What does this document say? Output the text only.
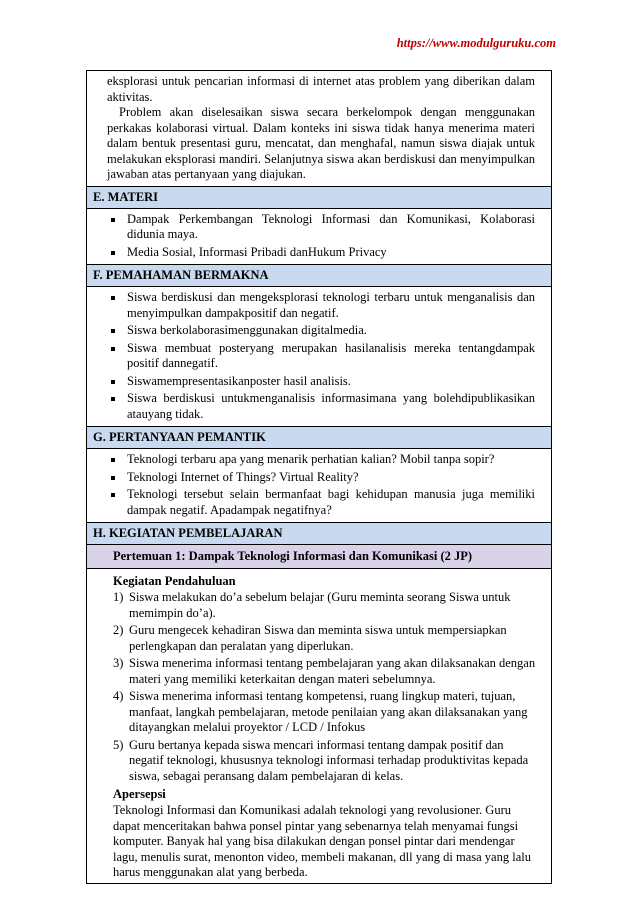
https://www.modulguruku.com

eksplorasi untuk pencarian informasi di internet atas problem yang diberikan dalam aktivitas.

Problem akan diselesaikan siswa secara berkelompok dengan menggunakan perkakas kolaborasi virtual. Dalam konteks ini siswa tidak hanya menerima materi dalam bentuk presentasi guru, mencatat, dan menghafal, namun siswa diajak untuk melakukan eksplorasi mandiri. Selanjutnya siswa akan berdiskusi dan menyimpulkan jawaban atas pertanyaan yang diajukan.

E. MATERI
Dampak Perkembangan Teknologi Informasi dan Komunikasi, Kolaborasi didunia maya.
Media Sosial, Informasi Pribadi danHukum Privacy
F. PEMAHAMAN BERMAKNA
Siswa berdiskusi dan mengeksplorasi teknologi terbaru untuk menganalisis dan menyimpulkan dampakpositif dan negatif.
Siswa berkolaborasimenggunakan digitalmedia.
Siswa membuat posteryang merupakan hasilanalisis mereka tentangdampak positif dannegatif.
Siswamempresentasikanposter hasil analisis.
Siswa berdiskusi untukmenganalisis informasimana yang bolehdipublikasikan atauyang tidak.
G. PERTANYAAN PEMANTIK
Teknologi terbaru apa yang menarik perhatian kalian? Mobil tanpa sopir?
Teknologi Internet of Things? Virtual Reality?
Teknologi tersebut selain bermanfaat bagi kehidupan manusia juga memiliki dampak negatif. Apadampak negatifnya?
H. KEGIATAN PEMBELAJARAN
Pertemuan 1: Dampak Teknologi Informasi dan Komunikasi (2 JP)
Kegiatan Pendahuluan
1) Siswa melakukan do’a sebelum belajar (Guru meminta seorang Siswa untuk memimpin do’a).
2) Guru mengecek kehadiran Siswa dan meminta siswa untuk mempersiapkan perlengkapan dan peralatan yang diperlukan.
3) Siswa menerima informasi tentang pembelajaran yang akan dilaksanakan dengan materi yang memiliki keterkaitan dengan materi sebelumnya.
4) Siswa menerima informasi tentang kompetensi, ruang lingkup materi, tujuan, manfaat, langkah pembelajaran, metode penilaian yang akan dilaksanakan yang ditayangkan melalui proyektor / LCD / Infokus
5) Guru bertanya kepada siswa mencari informasi tentang dampak positif dan negatif teknologi, khususnya teknologi informasi terhadap produktivitas kepada siswa, sebagai peransang dalam pembelajaran di kelas.
Apersepsi

Teknologi Informasi dan Komunikasi adalah teknologi yang revolusioner. Guru dapat menceritakan bahwa ponsel pintar yang sebenarnya telah menyamai fungsi komputer. Banyak hal yang bisa dilakukan dengan ponsel pintar dari mendengar lagu, menulis surat, menonton video, membeli makanan, dll yang di masa yang lalu harus menggunakan alat yang berbeda.
